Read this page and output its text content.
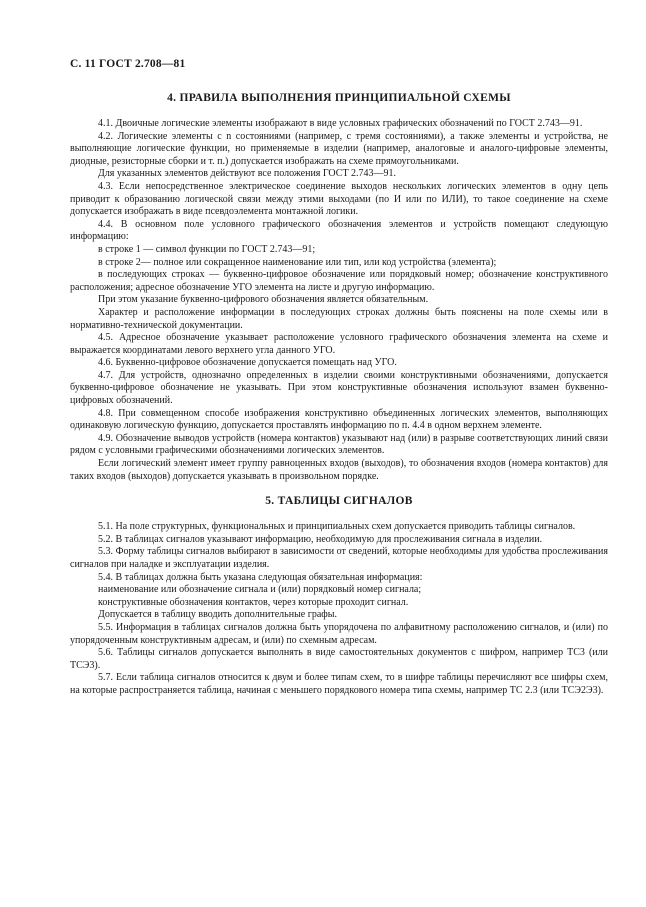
С. 11 ГОСТ 2.708—81
4. ПРАВИЛА ВЫПОЛНЕНИЯ ПРИНЦИПИАЛЬНОЙ СХЕМЫ

4.1. Двоичные логические элементы изображают в виде условных графических обозначений по ГОСТ 2.743—91.

4.2. Логические элементы с n состояниями (например, с тремя состояниями), а также элементы и устройства, не выполняющие логические функции, но применяемые в изделии (например, аналоговые и аналого-цифровые элементы, диодные, резисторные сборки и т. п.) допускается изображать на схеме прямоугольниками.

Для указанных элементов действуют все положения ГОСТ 2.743—91.

4.3. Если непосредственное электрическое соединение выходов нескольких логических элементов в одну цепь приводит к образованию логической связи между этими выходами (по И или по ИЛИ), то такое соединение на схеме допускается изображать в виде псевдоэлемента монтажной логики.

4.4. В основном поле условного графического обозначения элементов и устройств помещают следующую информацию:

в строке 1 — символ функции по ГОСТ 2.743—91;

в строке 2— полное или сокращенное наименование или тип, или код устройства (элемента);

в последующих строках — буквенно-цифровое обозначение или порядковый номер; обозначение конструктивного расположения; адресное обозначение УГО элемента на листе и другую информацию.

При этом указание буквенно-цифрового обозначения является обязательным.

Характер и расположение информации в последующих строках должны быть пояснены на поле схемы или в нормативно-технической документации.

4.5. Адресное обозначение указывает расположение условного графического обозначения элемента на схеме и выражается координатами левого верхнего угла данного УГО.

4.6. Буквенно-цифровое обозначение допускается помещать над УГО.

4.7. Для устройств, однозначно определенных в изделии своими конструктивными обозначениями, допускается буквенно-цифровое обозначение не указывать. При этом конструктивные обозначения используют взамен буквенно-цифровых обозначений.

4.8. При совмещенном способе изображения конструктивно объединенных логических элементов, выполняющих одинаковую логическую функцию, допускается проставлять информацию по п. 4.4 в одном верхнем элементе.

4.9. Обозначение выводов устройств (номера контактов) указывают над (или) в разрыве соответствующих линий связи рядом с условными графическими обозначениями логических элементов.

Если логический элемент имеет группу равноценных входов (выходов), то обозначения входов (номера контактов) для таких входов (выходов) допускается указывать в произвольном порядке.

5. ТАБЛИЦЫ СИГНАЛОВ

5.1. На поле структурных, функциональных и принципиальных схем допускается приводить таблицы сигналов.

5.2. В таблицах сигналов указывают информацию, необходимую для прослеживания сигнала в изделии.

5.3. Форму таблицы сигналов выбирают в зависимости от сведений, которые необходимы для удобства прослеживания сигналов при наладке и эксплуатации изделия.

5.4. В таблицах должна быть указана следующая обязательная информация:

наименование или обозначение сигнала и (или) порядковый номер сигнала;

конструктивные обозначения контактов, через которые проходит сигнал.

Допускается в таблицу вводить дополнительные графы.

5.5. Информация в таблицах сигналов должна быть упорядочена по алфавитному расположению сигналов, и (или) по упорядоченным конструктивным адресам, и (или) по схемным адресам.

5.6. Таблицы сигналов допускается выполнять в виде самостоятельных документов с шифром, например ТС3 (или ТСЭ3).

5.7. Если таблица сигналов относится к двум и более типам схем, то в шифре таблицы перечисляют все шифры схем, на которые распространяется таблица, начиная с меньшего порядкового номера типа схемы, например ТС 2.3 (или ТСЭ2Э3).
